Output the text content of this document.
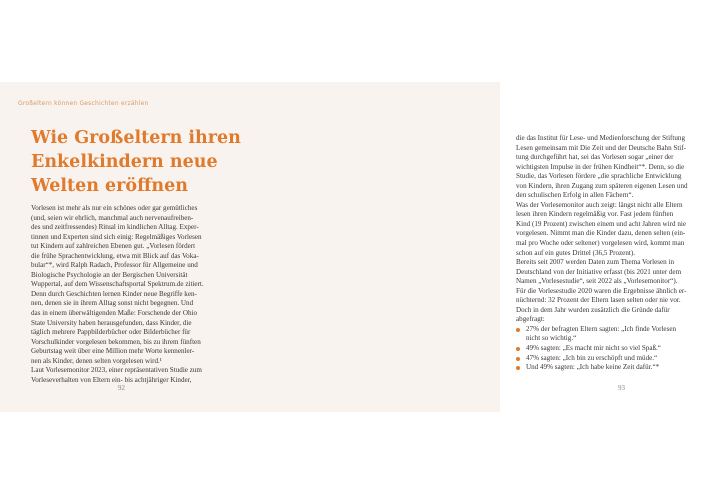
Großeltern können Geschichten erzählen
Wie Großeltern ihren
Enkelkindern neue
Welten eröffnen
Vorlesen ist mehr als nur ein schönes oder gar gemütliches
(und, seien wir ehrlich, manchmal auch nervenaufreiben-
des und zeitfressendes) Ritual im kindlichen Alltag. Exper-
tinnen und Experten sind sich einig: Regelmäßiges Vorlesen
tut Kindern auf zahlreichen Ebenen gut. „Vorlesen fördert
die frühe Sprachentwicklung, etwa mit Blick auf das Voka-
bular“*, wird Ralph Radach, Professor für Allgemeine und
Biologische Psychologie an der Bergischen Universität
Wuppertal, auf dem Wissenschaftsportal Spektrum.de zitiert.
Denn durch Geschichten lernen Kinder neue Begriffe ken-
nen, denen sie in ihrem Alltag sonst nicht begegnen. Und
das in einem überwältigenden Maße: Forschende der Ohio
State University haben herausgefunden, dass Kinder, die
täglich mehrere Pappbilderbücher oder Bilderbücher für
Vorschulkinder vorgelesen bekommen, bis zu ihrem fünften
Geburtstag weit über eine Million mehr Worte kennenler-
nen als Kinder, denen selten vorgelesen wird.¹
Laut Vorlesemonitor 2023, einer repräsentativen Studie zum
Vorleseverhalten von Eltern ein- bis achtjähriger Kinder,
92
die das Institut für Lese- und Medienforschung der Stiftung
Lesen gemeinsam mit Die Zeit und der Deutsche Bahn Stif-
tung durchgeführt hat, sei das Vorlesen sogar „einer der
wichtigsten Impulse in der frühen Kindheit“*. Denn, so die
Studie, das Vorlesen fördere „die sprachliche Entwicklung
von Kindern, ihren Zugang zum späteren eigenen Lesen und
den schulischen Erfolg in allen Fächern“.
Was der Vorlesemonitor auch zeigt: längst nicht alle Eltern
lesen ihren Kindern regelmäßig vor. Fast jedem fünften
Kind (19 Prozent) zwischen einem und acht Jahren wird nie
vorgelesen. Nimmt man die Kinder dazu, denen selten (ein-
mal pro Woche oder seltener) vorgelesen wird, kommt man
schon auf ein gutes Drittel (36,5 Prozent).
Bereits seit 2007 werden Daten zum Thema Vorlesen in
Deutschland von der Initiative erfasst (bis 2021 unter dem
Namen „Vorlesestudie“, seit 2022 als „Vorlesemonitor“).
Für die Vorlesestudie 2020 waren die Ergebnisse ähnlich er-
nüchternd: 32 Prozent der Eltern lasen selten oder nie vor.
Doch in dem Jahr wurden zusätzlich die Gründe dafür
abgefragt:
27% der befragten Eltern sagten: „Ich finde Vorlesen
nicht so wichtig.“
49% sagten: „Es macht mir nicht so viel Spaß.“
47% sagten: „Ich bin zu erschöpft und müde.“
Und 49% sagten: „Ich habe keine Zeit dafür.“*
93
